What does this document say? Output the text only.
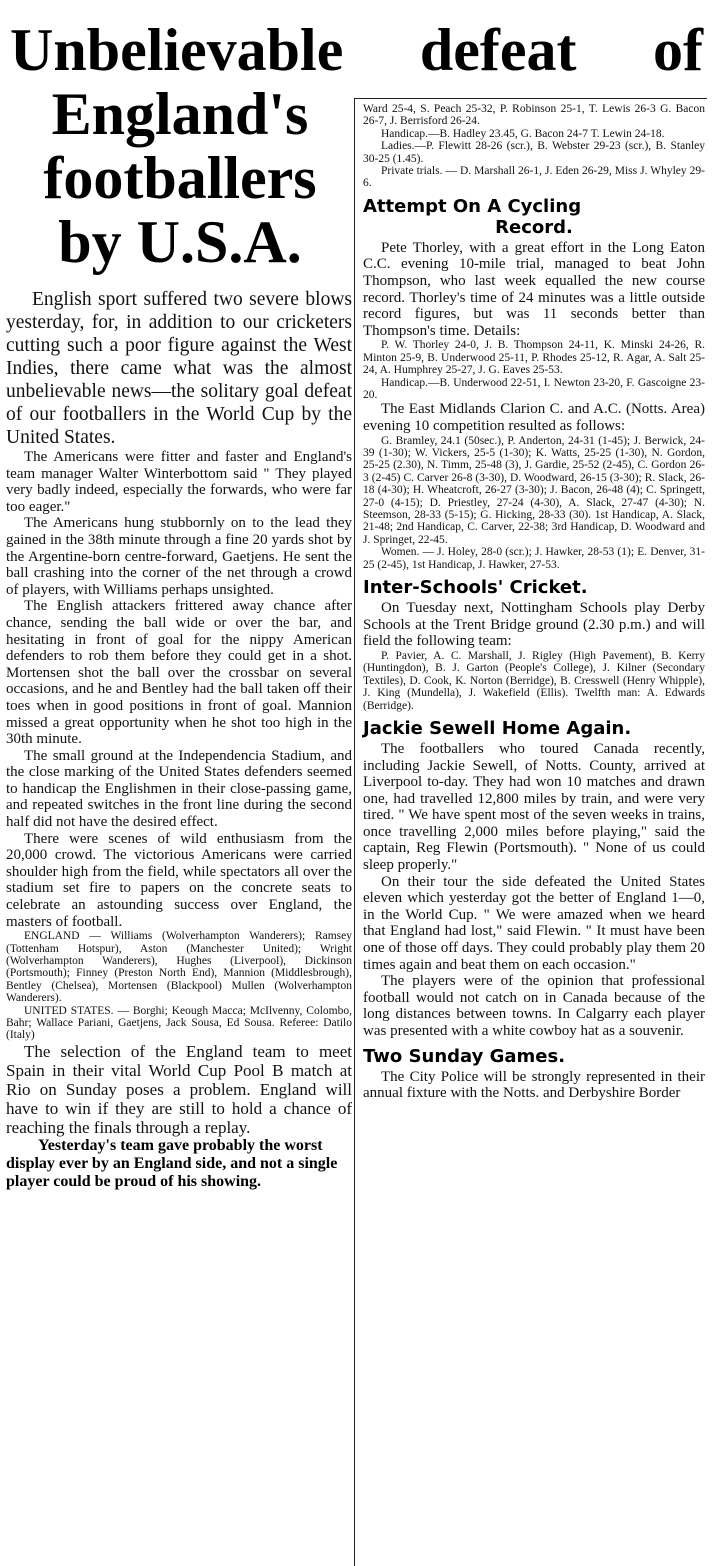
Unbelievable defeat of
England's
footballers
by U.S.A.

English sport suffered two severe blows yesterday, for, in addition to our cricketers cutting such a poor figure against the West Indies, there came what was the almost unbelievable news—the solitary goal defeat of our footballers in the World Cup by the United States.

The Americans were fitter and faster and England's team manager Walter Winterbottom said " They played very badly indeed, especially the forwards, who were far too eager."

The Americans hung stubbornly on to the lead they gained in the 38th minute through a fine 20 yards shot by the Argentine-born centre-forward, Gaetjens. He sent the ball crashing into the corner of the net through a crowd of players, with Williams perhaps unsighted.

The English attackers frittered away chance after chance, sending the ball wide or over the bar, and hesitating in front of goal for the nippy American defenders to rob them before they could get in a shot. Mortensen shot the ball over the crossbar on several occasions, and he and Bentley had the ball taken off their toes when in good positions in front of goal. Mannion missed a great opportunity when he shot too high in the 30th minute.

The small ground at the Independencia Stadium, and the close marking of the United States defenders seemed to handicap the Englishmen in their close-passing game, and repeated switches in the front line during the second half did not have the desired effect.

There were scenes of wild enthusiasm from the 20,000 crowd. The victorious Americans were carried shoulder high from the field, while spectators all over the stadium set fire to papers on the concrete seats to celebrate an astounding success over England, the masters of football.

ENGLAND — Williams (Wolverhampton Wanderers); Ramsey (Tottenham Hotspur), Aston (Manchester United); Wright (Wolverhampton Wanderers), Hughes (Liverpool), Dickinson (Portsmouth); Finney (Preston North End), Mannion (Middlesbrough), Bentley (Chelsea), Mortensen (Blackpool) Mullen (Wolverhampton Wanderers).

UNITED STATES. — Borghi; Keough Macca; McIlvenny, Colombo, Bahr; Wallace Pariani, Gaetjens, Jack Sousa, Ed Sousa. Referee: Datilo (Italy)

The selection of the England team to meet Spain in their vital World Cup Pool B match at Rio on Sunday poses a problem. England will have to win if they are still to hold a chance of reaching the finals through a replay.

Yesterday's team gave probably the worst display ever by an England side, and not a single player could be proud of his showing.

Ward 25-4, S. Peach 25-32, P. Robinson 25-1, T. Lewis 26-3 G. Bacon 26-7, J. Berrisford 26-24.

Handicap.—B. Hadley 23.45, G. Bacon 24-7 T. Lewin 24-18.

Ladies.—P. Flewitt 28-26 (scr.), B. Webster 29-23 (scr.), B. Stanley 30-25 (1.45).

Private trials. — D. Marshall 26-1, J. Eden 26-29, Miss J. Whyley 29-6.

Attempt On A Cycling
Record.

Pete Thorley, with a great effort in the Long Eaton C.C. evening 10-mile trial, managed to beat John Thompson, who last week equalled the new course record. Thorley's time of 24 minutes was a little outside record figures, but was 11 seconds better than Thompson's time. Details:

P. W. Thorley 24-0, J. B. Thompson 24-11, K. Minski 24-26, R. Minton 25-9, B. Underwood 25-11, P. Rhodes 25-12, R. Agar, A. Salt 25-24, A. Humphrey 25-27, J. G. Eaves 25-53.

Handicap.—B. Underwood 22-51, I. Newton 23-20, F. Gascoigne 23-20.

The East Midlands Clarion C. and A.C. (Notts. Area) evening 10 competition resulted as follows:

G. Bramley, 24.1 (50sec.), P. Anderton, 24-31 (1-45); J. Berwick, 24-39 (1-30); W. Vickers, 25-5 (1-30); K. Watts, 25-25 (1-30), N. Gordon, 25-25 (2.30), N. Timm, 25-48 (3), J. Gardie, 25-52 (2-45), C. Gordon 26-3 (2-45) C. Carver 26-8 (3-30), D. Woodward, 26-15 (3-30); R. Slack, 26-18 (4-30); H. Wheatcroft, 26-27 (3-30); J. Bacon, 26-48 (4); C. Springett, 27-0 (4-15); D. Priestley, 27-24 (4-30), A. Slack, 27-47 (4-30); N. Steemson, 28-33 (5-15); G. Hicking, 28-33 (30). 1st Handicap, A. Slack, 21-48; 2nd Handicap, C. Carver, 22-38; 3rd Handicap, D. Woodward and J. Springet, 22-45.

Women. — J. Holey, 28-0 (scr.); J. Hawker, 28-53 (1); E. Denver, 31-25 (2-45), 1st Handicap, J. Hawker, 27-53.

Inter-Schools' Cricket.

On Tuesday next, Nottingham Schools play Derby Schools at the Trent Bridge ground (2.30 p.m.) and will field the following team:

P. Pavier, A. C. Marshall, J. Rigley (High Pavement), B. Kerry (Huntingdon), B. J. Garton (People's College), J. Kilner (Secondary Textiles), D. Cook, K. Norton (Berridge), B. Cresswell (Henry Whipple), J. King (Mundella), J. Wakefield (Ellis). Twelfth man: A. Edwards (Berridge).

Jackie Sewell Home Again.

The footballers who toured Canada recently, including Jackie Sewell, of Notts. County, arrived at Liverpool to-day. They had won 10 matches and drawn one, had travelled 12,800 miles by train, and were very tired. " We have spent most of the seven weeks in trains, once travelling 2,000 miles before playing," said the captain, Reg Flewin (Portsmouth). " None of us could sleep properly."

On their tour the side defeated the United States eleven which yesterday got the better of England 1—0, in the World Cup. " We were amazed when we heard that England had lost," said Flewin. " It must have been one of those off days. They could probably play them 20 times again and beat them on each occasion."

The players were of the opinion that professional football would not catch on in Canada because of the long distances between towns. In Calgarry each player was presented with a white cowboy hat as a souvenir.

Two Sunday Games.

The City Police will be strongly represented in their annual fixture with the Notts. and Derbyshire Border
